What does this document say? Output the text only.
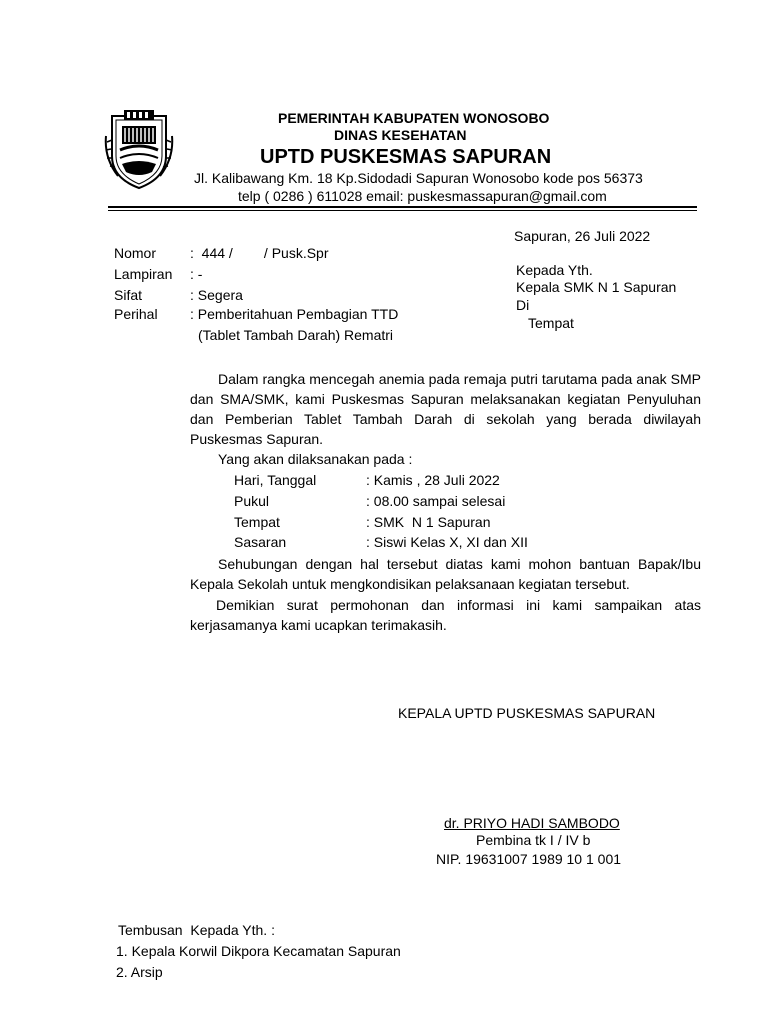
PEMERINTAH KABUPATEN WONOSOBO
DINAS KESEHATAN
UPTD PUSKESMAS SAPURAN
Jl. Kalibawang Km. 18 Kp.Sidodadi Sapuran Wonosobo kode pos 56373
telp ( 0286 ) 611028 email: puskesmassapuran@gmail.com
Sapuran, 26 Juli 2022
Nomor :  444 /        / Pusk.Spr
Lampiran : -
Sifat	: Segera
Perihal : Pemberitahuan Pembagian TTD
(Tablet Tambah Darah) Rematri
Kepada Yth.
Kepala SMK N 1 Sapuran
Di
Tempat
Dalam rangka mencegah anemia pada remaja putri tarutama pada anak SMP dan SMA/SMK, kami Puskesmas Sapuran melaksanakan kegiatan Penyuluhan dan Pemberian Tablet Tambah Darah di sekolah yang berada diwilayah Puskesmas Sapuran.
Yang akan dilaksanakan pada :
Hari, Tanggal	: Kamis , 28 Juli 2022
Pukul	: 08.00 sampai selesai
Tempat	: SMK  N 1 Sapuran
Sasaran	: Siswi Kelas X, XI dan XII
Sehubungan dengan hal tersebut diatas kami mohon bantuan Bapak/Ibu Kepala Sekolah untuk mengkondisikan pelaksanaan kegiatan tersebut.
Demikian surat permohonan dan informasi ini kami sampaikan atas kerjasamanya kami ucapkan terimakasih.
KEPALA UPTD PUSKESMAS SAPURAN
dr. PRIYO HADI SAMBODO
Pembina tk I / IV b
NIP. 19631007 1989 10 1 001
Tembusan  Kepada Yth. :
1. Kepala Korwil Dikpora Kecamatan Sapuran
2. Arsip
